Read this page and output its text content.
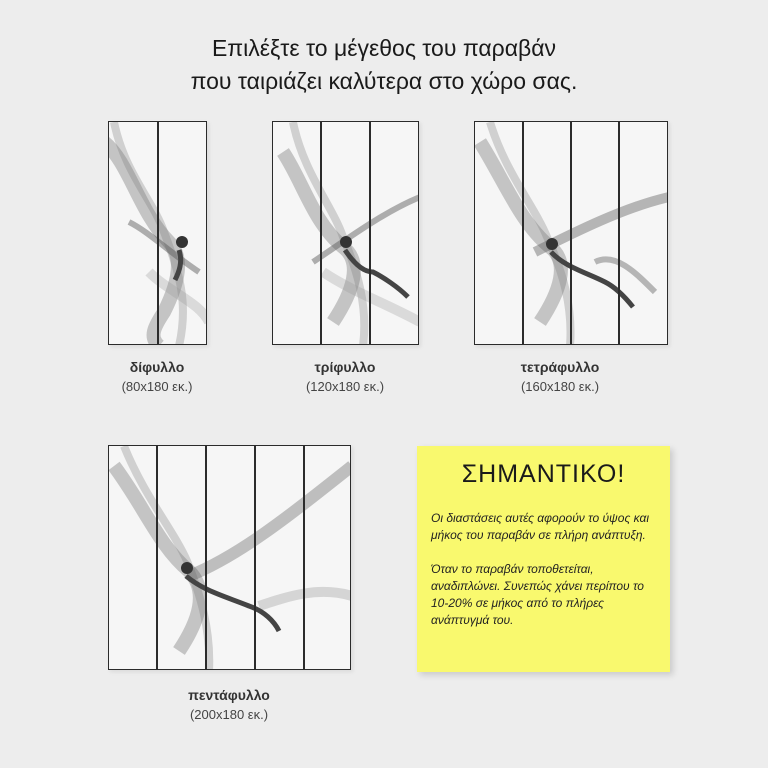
Επιλέξτε το μέγεθος του παραβάν
που ταιριάζει καλύτερα στο χώρο σας.
δίφυλλο
(80x180 εκ.)
τρίφυλλο
(120x180 εκ.)
τετράφυλλο
(160x180 εκ.)
πεντάφυλλο
(200x180 εκ.)
ΣΗΜΑΝΤΙΚΟ!

Οι διαστάσεις αυτές αφορούν το ύψος και μήκος του παραβάν σε πλήρη ανάπτυξη.

Όταν το παραβάν τοποθετείται, αναδιπλώνει. Συνεπώς χάνει περίπου το 10-20% σε μήκος από το πλήρες ανάπτυγμά του.
